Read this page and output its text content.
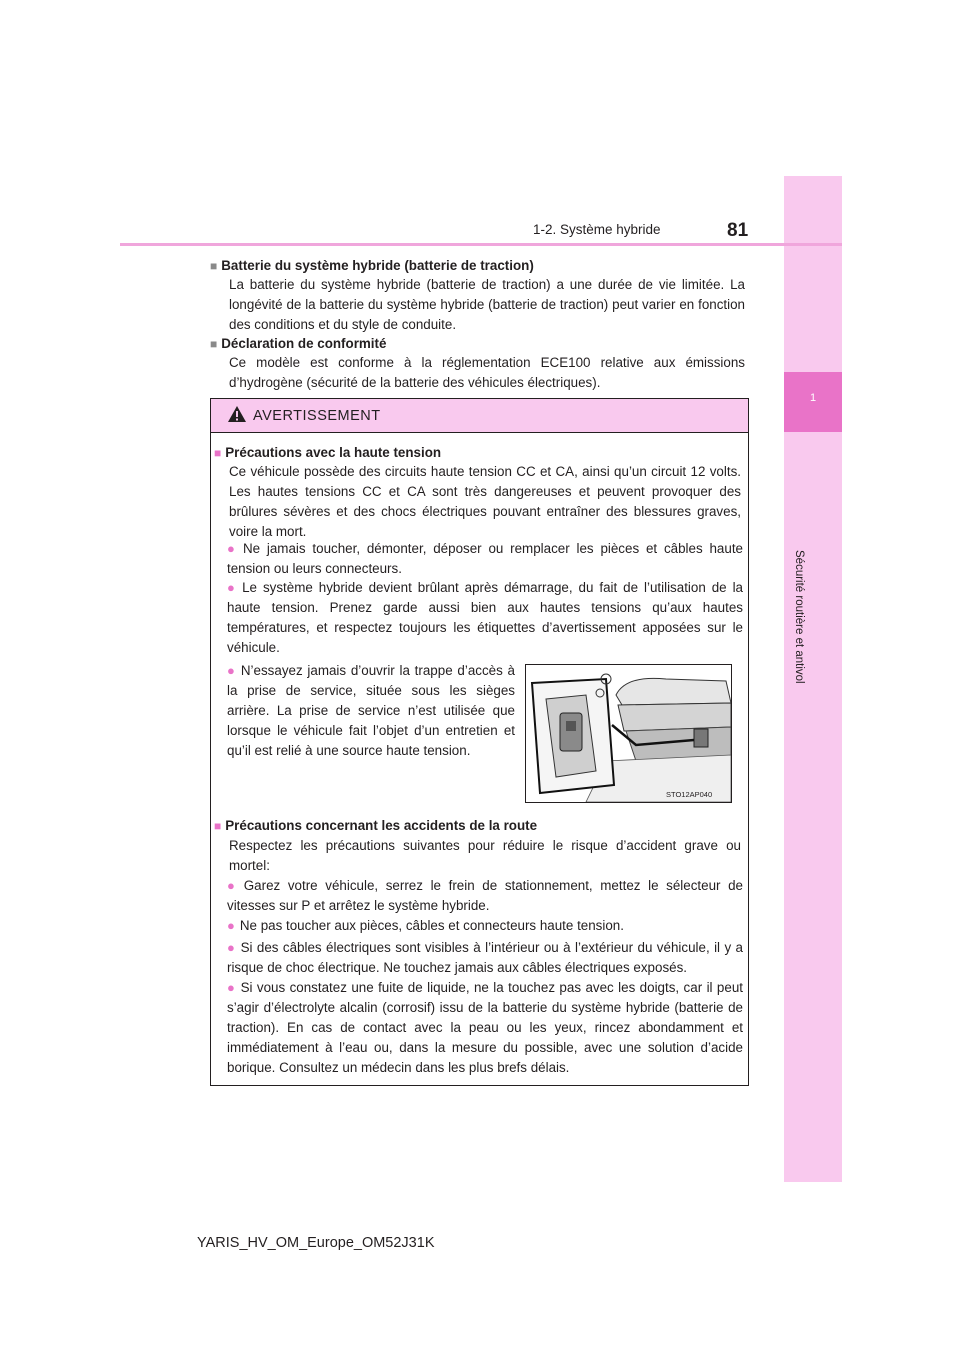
1
Sécurité routière et antivol
1-2. Système hybride	81
■ Batterie du système hybride (batterie de traction)
La batterie du système hybride (batterie de traction) a une durée de vie limitée. La longévité de la batterie du système hybride (batterie de traction) peut varier en fonction des conditions et du style de conduite.
■ Déclaration de conformité
Ce modèle est conforme à la réglementation ECE100 relative aux émissions d’hydrogène (sécurité de la batterie des véhicules électriques).
AVERTISSEMENT
■ Précautions avec la haute tension
Ce véhicule possède des circuits haute tension CC et CA, ainsi qu’un circuit 12 volts. Les hautes tensions CC et CA sont très dangereuses et peuvent provoquer des brûlures sévères et des chocs électriques pouvant entraîner des blessures graves, voire la mort.
● Ne jamais toucher, démonter, déposer ou remplacer les pièces et câbles haute tension ou leurs connecteurs.
● Le système hybride devient brûlant après démarrage, du fait de l’utilisation de la haute tension. Prenez garde aussi bien aux hautes tensions qu’aux hautes températures, et respectez toujours les étiquettes d’avertissement apposées sur le véhicule.
● N’essayez jamais d’ouvrir la trappe d’accès à la prise de service, située sous les sièges arrière. La prise de service n’est utilisée que lorsque le véhicule fait l’objet d’un entretien et qu’il est relié à une source haute tension.
STO12AP040
■ Précautions concernant les accidents de la route
Respectez les précautions suivantes pour réduire le risque d’accident grave ou mortel:
● Garez votre véhicule, serrez le frein de stationnement, mettez le sélecteur de vitesses sur P et arrêtez le système hybride.
● Ne pas toucher aux pièces, câbles et connecteurs haute tension.
● Si des câbles électriques sont visibles à l’intérieur ou à l’extérieur du véhicule, il y a risque de choc électrique. Ne touchez jamais aux câbles électriques exposés.
● Si vous constatez une fuite de liquide, ne la touchez pas avec les doigts, car il peut s’agir d’électrolyte alcalin (corrosif) issu de la batterie du système hybride (batterie de traction). En cas de contact avec la peau ou les yeux, rincez abondamment et immédiatement à l’eau ou, dans la mesure du possible, avec une solution d’acide borique. Consultez un médecin dans les plus brefs délais.
YARIS_HV_OM_Europe_OM52J31K
